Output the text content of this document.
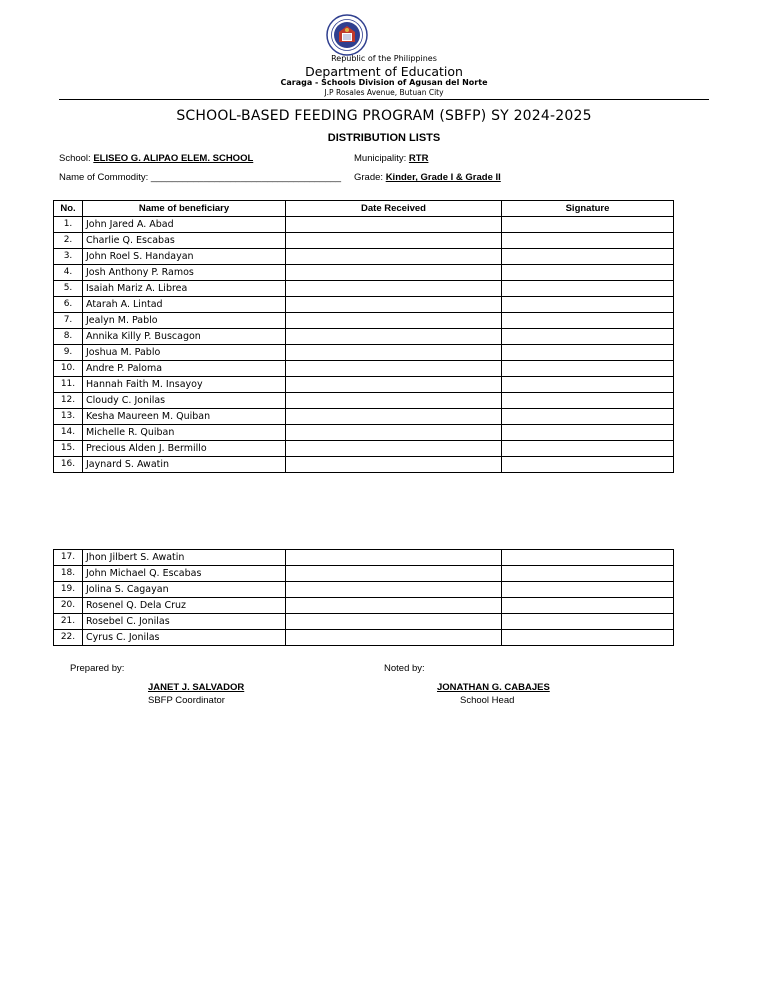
Republic of the Philippines
Department of Education
Caraga - Schools Division of Agusan del Norte
J.P Rosales Avenue, Butuan City
SCHOOL-BASED FEEDING PROGRAM (SBFP) SY 2024-2025
DISTRIBUTION LISTS
School: ELISEO G. ALIPAO ELEM. SCHOOL	Municipality: RTR
Name of Commodity: ____________________________________ Grade: Kinder, Grade I & Grade II
No.	Name of beneficiary	Date Received	Signature
1.	John Jared A. Abad		
2.	Charlie Q. Escabas		
3.	John Roel S. Handayan		
4.	Josh Anthony P. Ramos		
5.	Isaiah Mariz A. Librea		
6.	Atarah A. Lintad		
7.	Jealyn M. Pablo		
8.	Annika Killy P. Buscagon		
9.	Joshua M. Pablo		
10.	Andre P. Paloma		
11.	Hannah Faith M. Insayoy		
12.	Cloudy C. Jonilas		
13.	Kesha Maureen M. Quiban		
14.	Michelle R. Quiban		
15.	Precious Alden J. Bermillo		
16.	Jaynard S. Awatin		
17.	Jhon Jilbert S. Awatin		
18.	John Michael Q. Escabas		
19.	Jolina S. Cagayan		
20.	Rosenel Q. Dela Cruz		
21.	Rosebel C. Jonilas		
22.	Cyrus C. Jonilas		
Prepared by:
JANET J. SALVADOR
SBFP Coordinator
Noted by:
JONATHAN G. CABAJES
School Head
